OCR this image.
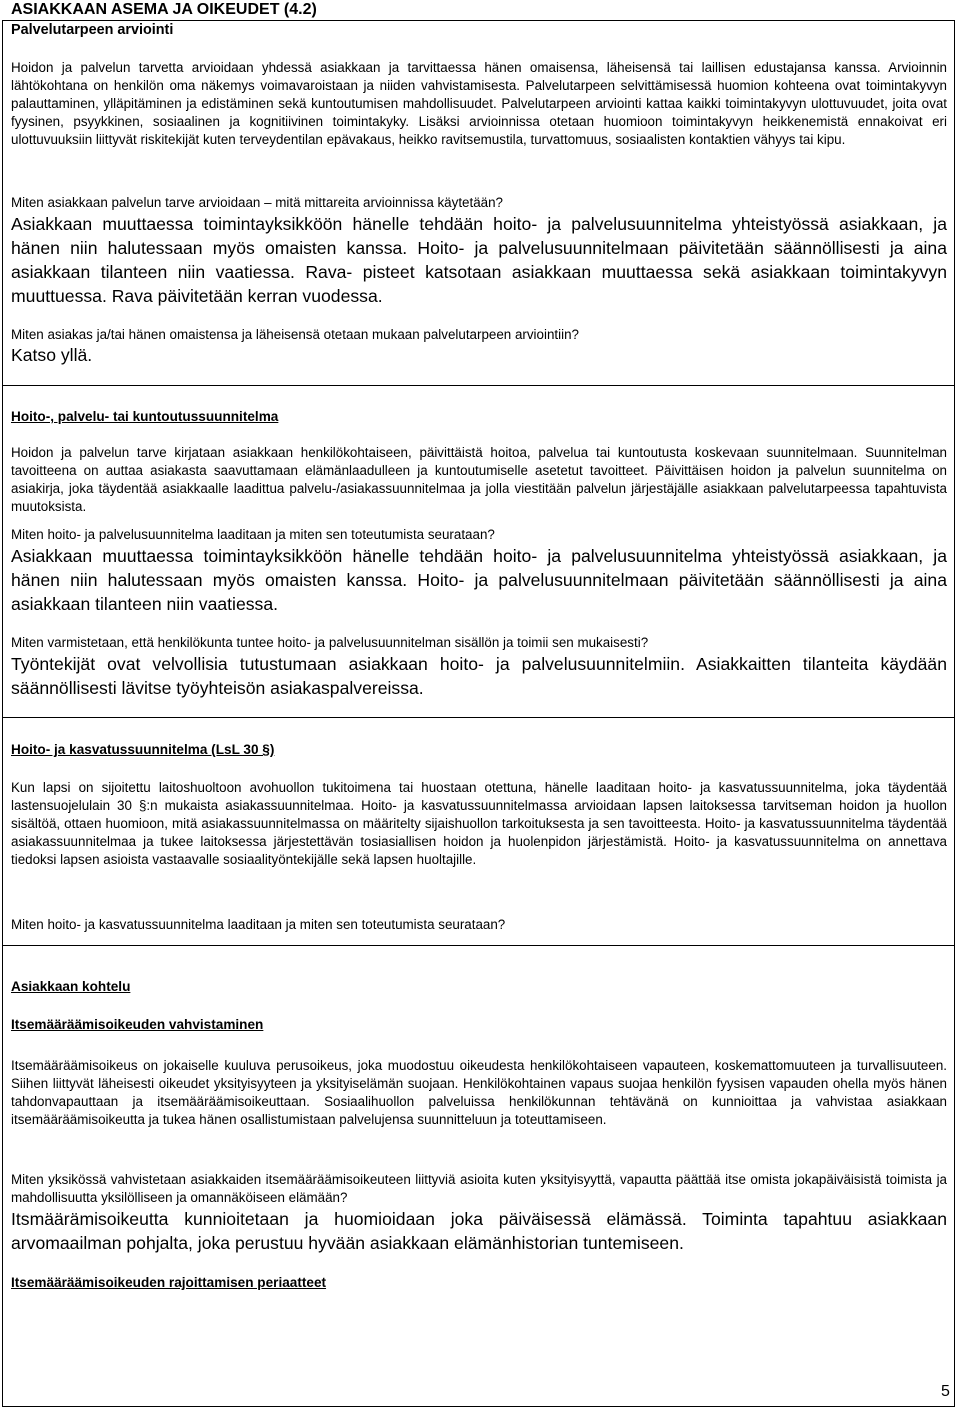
ASIAKKAAN ASEMA JA OIKEUDET (4.2)
Palvelutarpeen arviointi

Hoidon ja palvelun tarvetta arvioidaan yhdessä asiakkaan ja tarvittaessa hänen omaisensa, läheisensä tai laillisen edustajansa kanssa. Arvioinnin lähtökohtana on henkilön oma näkemys voimavaroistaan ja niiden vahvistamisesta. Palvelutarpeen selvittämisessä huomion kohteena ovat toimintakyvyn palauttaminen, ylläpitäminen ja edistäminen sekä kuntoutumisen mahdollisuudet. Palvelutarpeen arviointi kattaa kaikki toimintakyvyn ulottuvuudet, joita ovat fyysinen, psyykkinen, sosiaalinen ja kognitiivinen toimintakyky. Lisäksi arvioinnissa otetaan huomioon toimintakyvyn heikkenemistä ennakoivat eri ulottuvuuksiin liittyvät riskitekijät kuten terveydentilan epävakaus, heikko ravitsemustila, turvattomuus, sosiaalisten kontaktien vähyys tai kipu.

Miten asiakkaan palvelun tarve arvioidaan – mitä mittareita arvioinnissa käytetään?

Asiakkaan muuttaessa toimintayksikköön hänelle tehdään hoito- ja palvelusuunnitelma yhteistyössä asiakkaan, ja hänen niin halutessaan myös omaisten kanssa. Hoito- ja palvelusuunnitelmaan päivitetään säännöllisesti ja aina asiakkaan tilanteen niin vaatiessa. Rava- pisteet katsotaan asiakkaan muuttaessa sekä asiakkaan toimintakyvyn muuttuessa. Rava päivitetään kerran vuodessa.

Miten asiakas ja/tai hänen omaistensa ja läheisensä otetaan mukaan palvelutarpeen arviointiin?

Katso yllä.

Hoito-, palvelu- tai kuntoutussuunnitelma

Hoidon ja palvelun tarve kirjataan asiakkaan henkilökohtaiseen, päivittäistä hoitoa, palvelua tai kuntoutusta koskevaan suunnitelmaan. Suunnitelman tavoitteena on auttaa asiakasta saavuttamaan elämänlaadulleen ja kuntoutumiselle asetetut tavoitteet. Päivittäisen hoidon ja palvelun suunnitelma on asiakirja, joka täydentää asiakkaalle laadittua palvelu-/asiakassuunnitelmaa ja jolla viestitään palvelun järjestäjälle asiakkaan palvelutarpeessa tapahtuvista muutoksista.

Miten hoito- ja palvelusuunnitelma laaditaan ja miten sen toteutumista seurataan?

Asiakkaan muuttaessa toimintayksikköön hänelle tehdään hoito- ja palvelusuunnitelma yhteistyössä asiakkaan, ja hänen niin halutessaan myös omaisten kanssa. Hoito- ja palvelusuunnitelmaan päivitetään säännöllisesti ja aina asiakkaan tilanteen niin vaatiessa.

Miten varmistetaan, että henkilökunta tuntee hoito- ja palvelusuunnitelman sisällön ja toimii sen mukaisesti?

Työntekijät ovat velvollisia tutustumaan asiakkaan hoito- ja palvelusuunnitelmiin. Asiakkaitten tilanteita käydään säännöllisesti lävitse työyhteisön asiakaspalvereissa.

Hoito- ja kasvatussuunnitelma (LsL 30 §)

Kun lapsi on sijoitettu laitoshuoltoon avohuollon tukitoimena tai huostaan otettuna, hänelle laaditaan hoito- ja kasvatussuunnitelma, joka täydentää lastensuojelulain 30 §:n mukaista asiakassuunnitelmaa. Hoito- ja kasvatussuunnitelmassa arvioidaan lapsen laitoksessa tarvitseman hoidon ja huollon sisältöä, ottaen huomioon, mitä asiakassuunnitelmassa on määritelty sijaishuollon tarkoituksesta ja sen tavoitteesta. Hoito- ja kasvatussuunnitelma täydentää asiakassuunnitelmaa ja tukee laitoksessa järjestettävän tosiasiallisen hoidon ja huolenpidon järjestämistä. Hoito- ja kasvatussuunnitelma on annettava tiedoksi lapsen asioista vastaavalle sosiaalityöntekijälle sekä lapsen huoltajille.

Miten hoito- ja kasvatussuunnitelma laaditaan ja miten sen toteutumista seurataan?

Asiakkaan kohtelu
Itsemääräämisoikeuden vahvistaminen

Itsemääräämisoikeus on jokaiselle kuuluva perusoikeus, joka muodostuu oikeudesta henkilökohtaiseen vapauteen, koskemattomuuteen ja turvallisuuteen. Siihen liittyvät läheisesti oikeudet yksityisyyteen ja yksityiselämän suojaan. Henkilökohtainen vapaus suojaa henkilön fyysisen vapauden ohella myös hänen tahdonvapauttaan ja itsemääräämisoikeuttaan. Sosiaalihuollon palveluissa henkilökunnan tehtävänä on kunnioittaa ja vahvistaa asiakkaan itsemääräämisoikeutta ja tukea hänen osallistumistaan palvelujensa suunnitteluun ja toteuttamiseen.

Miten yksikössä vahvistetaan asiakkaiden itsemääräämisoikeuteen liittyviä asioita kuten yksityisyyttä, vapautta päättää itse omista jokapäiväisistä toimista ja mahdollisuutta yksilölliseen ja omannäköiseen elämään?

Itsmäärämisoikeutta kunnioitetaan ja huomioidaan joka päiväisessä elämässä. Toiminta tapahtuu asiakkaan arvomaailman pohjalta, joka perustuu hyvään asiakkaan elämänhistorian tuntemiseen.

Itsemääräämisoikeuden rajoittamisen periaatteet
5
